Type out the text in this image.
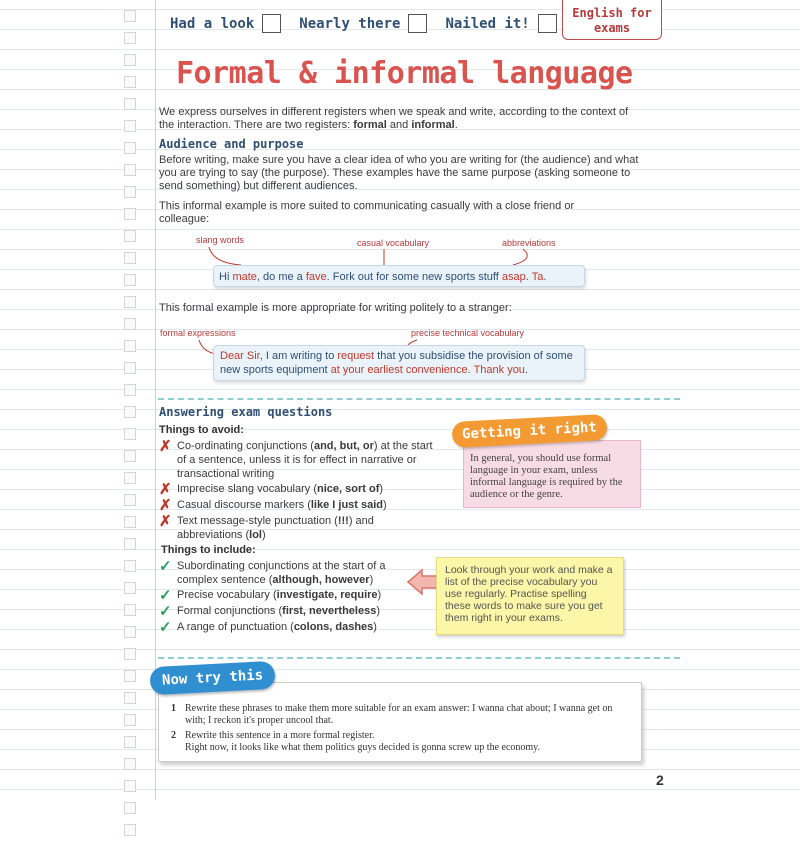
Had a look	Nearly there	Nailed it!
English for
exams
Formal & informal language
We express ourselves in different registers when we speak and write, according to the context of the interaction. There are two registers: formal and informal.
Audience and purpose
Before writing, make sure you have a clear idea of who you are writing for (the audience) and what you are trying to say (the purpose). These examples have the same purpose (asking someone to send something) but different audiences.
This informal example is more suited to communicating casually with a close friend or colleague:
slang words	casual vocabulary	abbreviations
Hi mate, do me a fave. Fork out for some new sports stuff asap. Ta.
This formal example is more appropriate for writing politely to a stranger:
formal expressions	precise technical vocabulary
Dear Sir, I am writing to request that you subsidise the provision of some new sports equipment at your earliest convenience. Thank you.
Answering exam questions
Things to avoid:
✗ Co-ordinating conjunctions (and, but, or) at the start of a sentence, unless it is for effect in narrative or transactional writing
✗ Imprecise slang vocabulary (nice, sort of)
✗ Casual discourse markers (like I just said)
✗ Text message-style punctuation (!!!) and abbreviations (lol)
Things to include:
✓ Subordinating conjunctions at the start of a complex sentence (although, however)
✓ Precise vocabulary (investigate, require)
✓ Formal conjunctions (first, nevertheless)
✓ A range of punctuation (colons, dashes)
Getting it right
In general, you should use formal language in your exam, unless informal language is required by the audience or the genre.
Look through your work and make a list of the precise vocabulary you use regularly. Practise spelling these words to make sure you get them right in your exams.
Now try this
1 Rewrite these phrases to make them more suitable for an exam answer: I wanna chat about; I wanna get on with; I reckon it's proper uncool that.
2 Rewrite this sentence in a more formal register.
Right now, it looks like what them politics guys decided is gonna screw up the economy.
2
